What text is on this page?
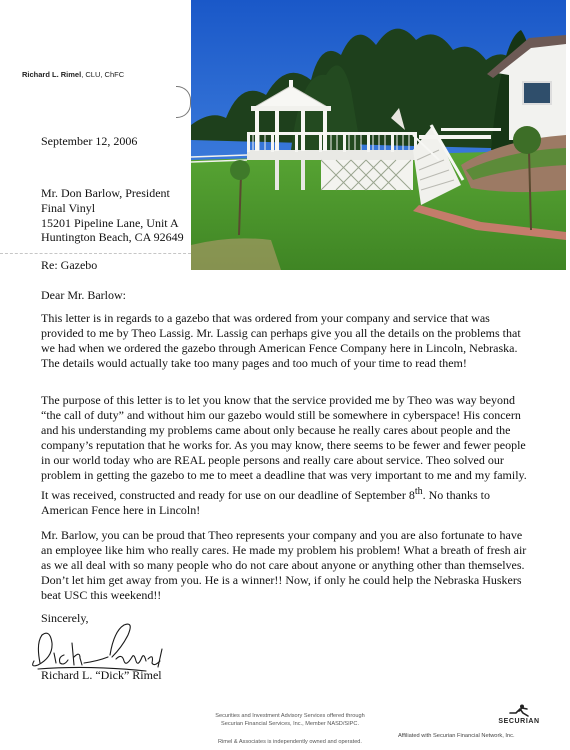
Richard L. Rimel, CLU, ChFC
September 12, 2006
Mr. Don Barlow, President
Final Vinyl
15201 Pipeline Lane, Unit A
Huntington Beach, CA 92649
Re: Gazebo
Dear Mr. Barlow:

This letter is in regards to a gazebo that was ordered from your company and service that was provided to me by Theo Lassig. Mr. Lassig can perhaps give you all the details on the problems that we had when we ordered the gazebo through American Fence Company here in Lincoln, Nebraska. The details would actually take too many pages and too much of your time to read them!

The purpose of this letter is to let you know that the service provided me by Theo was way beyond “the call of duty” and without him our gazebo would still be somewhere in cyberspace! His concern and his understanding my problems came about only because he really cares about people and the company’s reputation that he works for. As you may know, there seems to be fewer and fewer people in our world today who are REAL people persons and really care about service. Theo solved our problem in getting the gazebo to me to meet a deadline that was very important to me and my family. It was received, constructed and ready for use on our deadline of September 8th. No thanks to American Fence here in Lincoln!

Mr. Barlow, you can be proud that Theo represents your company and you are also fortunate to have an employee like him who really cares. He made my problem his problem! What a breath of fresh air as we all deal with so many people who do not care about anyone or anything other than themselves. Don’t let him get away from you. He is a winner!! Now, if only he could help the Nebraska Huskers beat USC this weekend!!

Sincerely,
Richard L. “Dick” Rimel
Securities and Investment Advisory Services offered through
Securian Financial Services, Inc., Member NASD/SIPC.
Rimel & Associates is independently owned and operated.
SECURIAN
Affiliated with Securian Financial Network, Inc.
